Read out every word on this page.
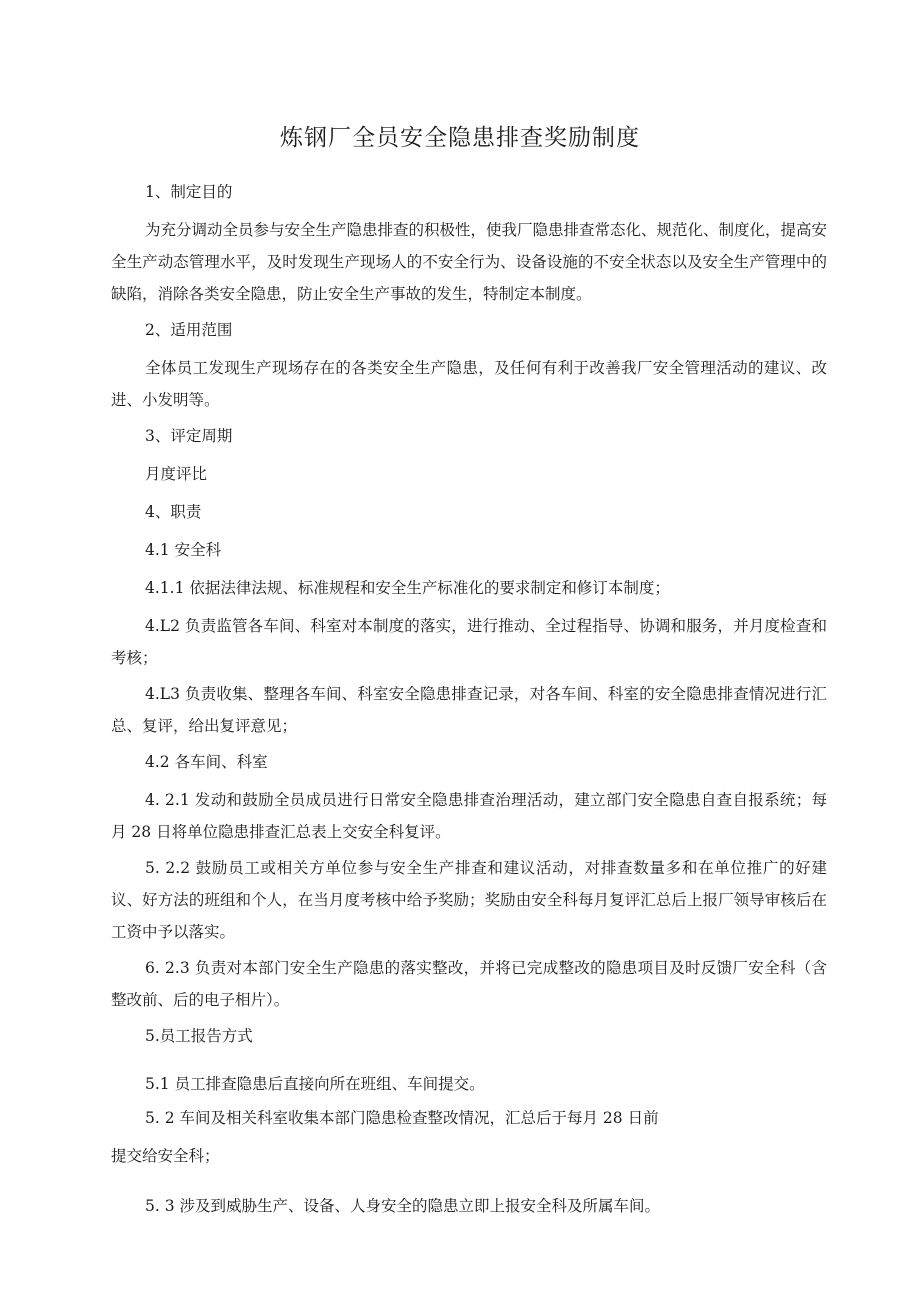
炼钢厂全员安全隐患排查奖励制度

1、制定目的

为充分调动全员参与安全生产隐患排查的积极性，使我厂隐患排查常态化、规范化、制度化，提高安全生产动态管理水平，及时发现生产现场人的不安全行为、设备设施的不安全状态以及安全生产管理中的缺陷，消除各类安全隐患，防止安全生产事故的发生，特制定本制度。

2、适用范围

全体员工发现生产现场存在的各类安全生产隐患，及任何有利于改善我厂安全管理活动的建议、改进、小发明等。

3、评定周期

月度评比

4、职责

4.1 安全科

4.1.1 依据法律法规、标准规程和安全生产标准化的要求制定和修订本制度；

4.L2 负责监管各车间、科室对本制度的落实，进行推动、全过程指导、协调和服务，并月度检查和考核；

4.L3 负责收集、整理各车间、科室安全隐患排查记录，对各车间、科室的安全隐患排查情况进行汇总、复评，给出复评意见；

4.2 各车间、科室

4. 2.1 发动和鼓励全员成员进行日常安全隐患排查治理活动，建立部门安全隐患自查自报系统；每月 28 日将单位隐患排查汇总表上交安全科复评。

5. 2.2 鼓励员工或相关方单位参与安全生产排查和建议活动，对排查数量多和在单位推广的好建议、好方法的班组和个人，在当月度考核中给予奖励；奖励由安全科每月复评汇总后上报厂领导审核后在工资中予以落实。

6. 2.3 负责对本部门安全生产隐患的落实整改，并将已完成整改的隐患项目及时反馈厂安全科（含整改前、后的电子相片）。

5.员工报告方式

5.1 员工排查隐患后直接向所在班组、车间提交。

5. 2 车间及相关科室收集本部门隐患检查整改情况，汇总后于每月 28 日前

提交给安全科；

5. 3 涉及到威胁生产、设备、人身安全的隐患立即上报安全科及所属车间。
